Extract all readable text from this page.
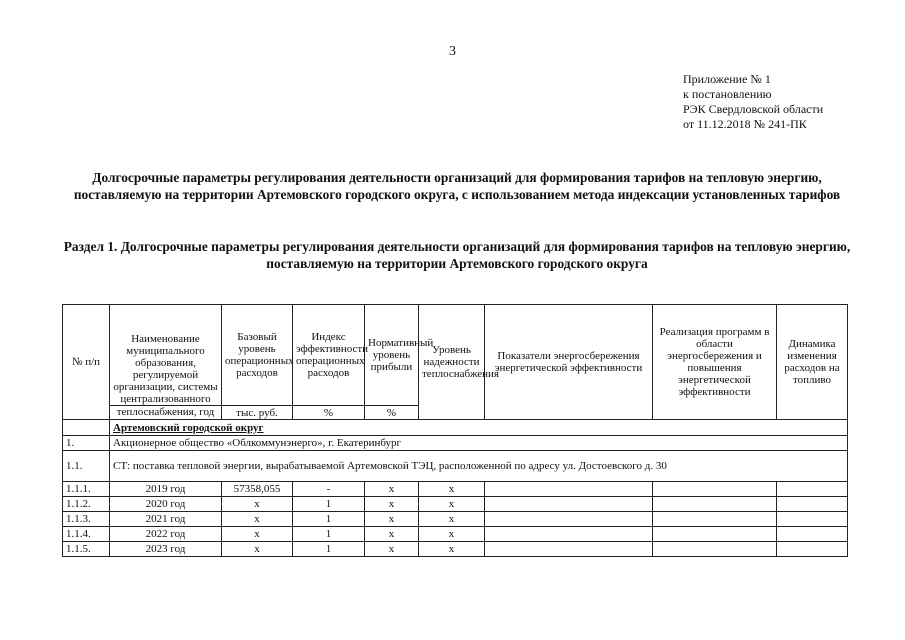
3
Приложение № 1
к постановлению
РЭК Свердловской области
от 11.12.2018 № 241-ПК
Долгосрочные параметры регулирования деятельности организаций для формирования тарифов на тепловую энергию, поставляемую на территории Артемовского городского округа, с использованием метода индексации установленных тарифов
Раздел 1. Долгосрочные параметры регулирования деятельности организаций для формирования тарифов на тепловую энергию, поставляемую на территории Артемовского городского округа
№ п/п	Наименование муниципального образования, регулируемой организации, системы централизованного	Базовый уровень операционных расходов	Индекс эффективности операционных расходов	Нормативный уровень прибыли	Уровень надежности теплоснабжения	Показатели энергосбережения энергетической эффективности	Реализация программ в области энергосбережения и повышения энергетической эффективности	Динамика изменения расходов на топливо
	теплоснабжения, год	тыс. руб.	%	%				
	Артемовский городской округ							
1.	Акционерное общество «Облкоммунэнерго», г. Екатеринбург							
1.1.	СТ: поставка тепловой энергии, вырабатываемой Артемовской ТЭЦ, расположенной по адресу ул. Достоевского д. 30							
1.1.1.	2019 год	57358,055	-	х	х			
1.1.2.	2020 год	х	1	х	х			
1.1.3.	2021 год	х	1	х	х			
1.1.4.	2022 год	х	1	х	х			
1.1.5.	2023 год	х	1	х	х			
